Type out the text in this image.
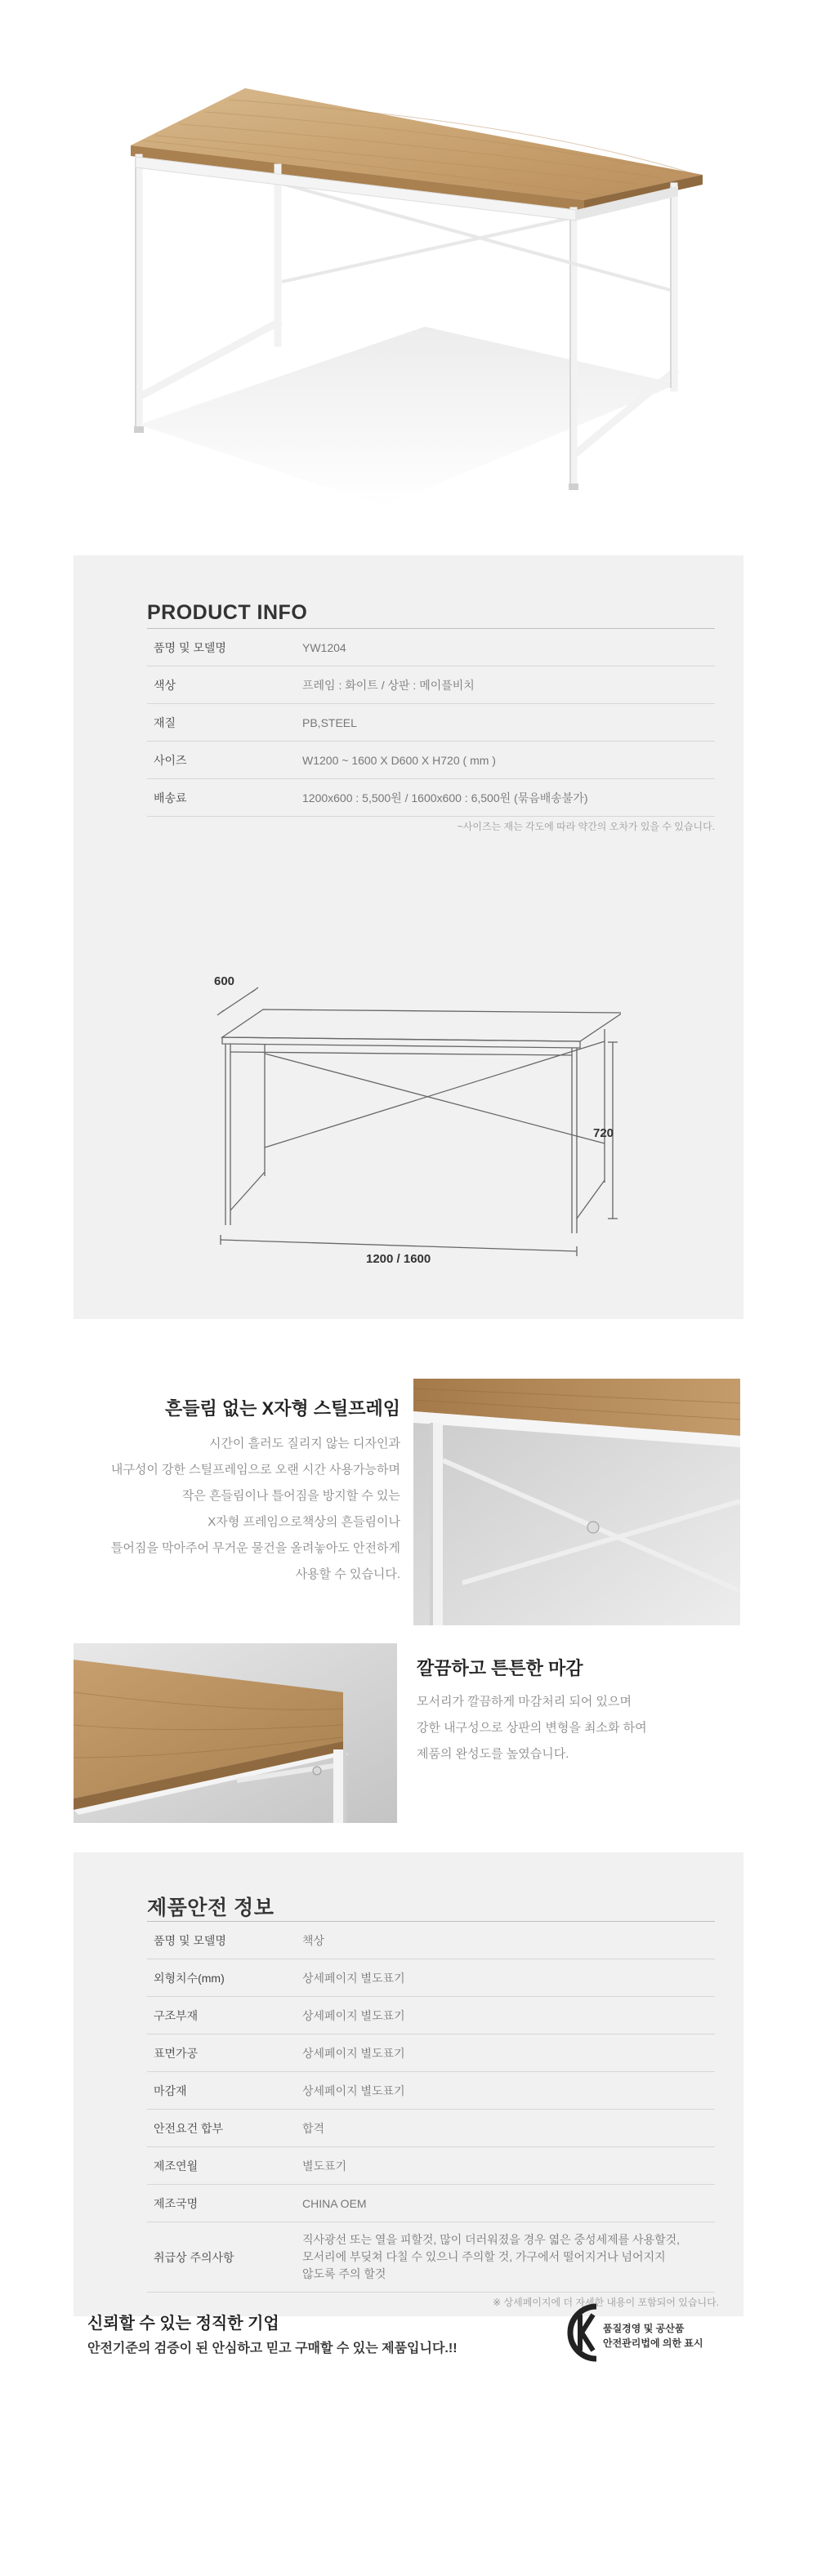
PRODUCT INFO
품명 및 모델명	YW1204
색상	프레임 : 화이트 / 상판 : 메이플비치
재질	PB,STEEL
사이즈	W1200 ~ 1600 X D600 X H720 ( mm )
배송료	1200x600 : 5,500원 / 1600x600 : 6,500원 (묶음배송불가)
~사이즈는 재는 각도에 따라 약간의 오차가 있을 수 있습니다.
600
720
1200 / 1600
흔들림 없는 X자형 스틸프레임
시간이 흘러도 질리지 않는 디자인과
내구성이 강한 스틸프레임으로 오랜 시간 사용가능하며
작은 흔들림이나 틀어짐을 방지할 수 있는
X자형 프레임으로책상의 흔들림이나
틀어짐을 막아주어 무거운 물건을 올려놓아도 안전하게
사용할 수 있습니다.
깔끔하고 튼튼한 마감
모서리가 깔끔하게 마감처리 되어 있으며
강한 내구성으로 상판의 변형을 최소화 하여
제품의 완성도를 높였습니다.
제품안전 정보
품명 및 모델명	책상
외형치수(mm)	상세페이지 별도표기
구조부재	상세페이지 별도표기
표면가공	상세페이지 별도표기
마감재	상세페이지 별도표기
안전요건 합부	합격
제조연월	별도표기
제조국명	CHINA OEM
취급상 주의사항
직사광선 또는 열을 피할것, 많이 더러워졌을 경우 엷은 중성세제를 사용할것,
모서리에 부딪쳐 다칠 수 있으니 주의할 것, 가구에서 떨어지거나 넘어지지
않도록 주의 할것
※ 상세페이지에 더 자세한 내용이 포함되어 있습니다.
신뢰할 수 있는 정직한 기업
안전기준의 검증이 된 안심하고 믿고 구매할 수 있는 제품입니다.!!
KC
품질경영 및 공산품
안전관리법에 의한 표시
